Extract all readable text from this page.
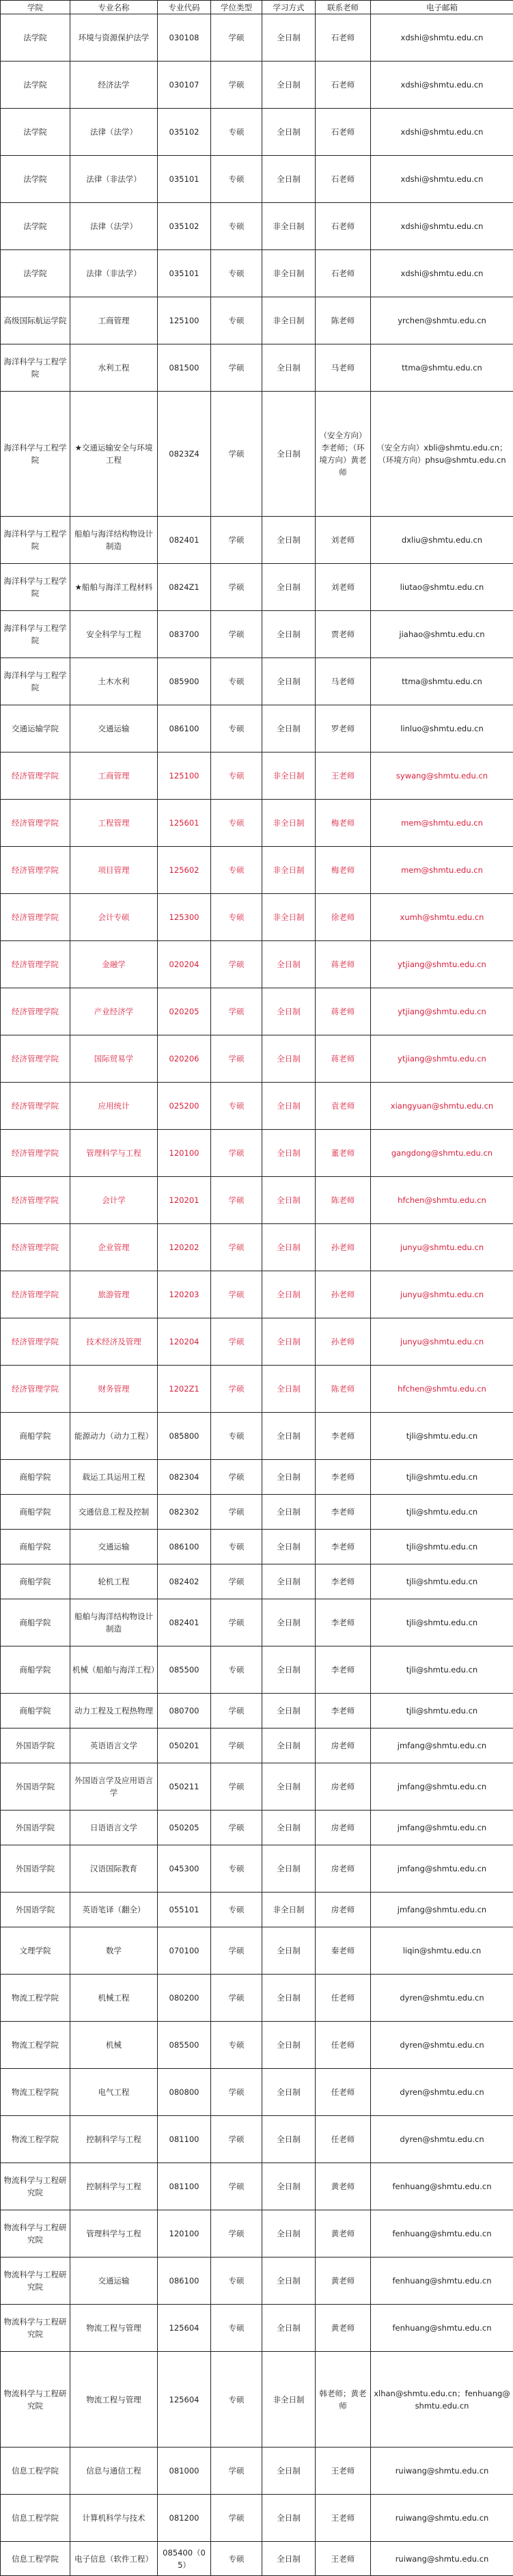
学院	专业名称	专业代码	学位类型	学习方式	联系老师	电子邮箱
法学院	环境与资源保护法学	030108	学硕	全日制	石老师	xdshi@shmtu.edu.cn
法学院	经济法学	030107	学硕	全日制	石老师	xdshi@shmtu.edu.cn
法学院	法律（法学）	035102	专硕	全日制	石老师	xdshi@shmtu.edu.cn
法学院	法律（非法学）	035101	专硕	全日制	石老师	xdshi@shmtu.edu.cn
法学院	法律（法学）	035102	专硕	非全日制	石老师	xdshi@shmtu.edu.cn
法学院	法律（非法学）	035101	专硕	非全日制	石老师	xdshi@shmtu.edu.cn
高级国际航运学院	工商管理	125100	专硕	非全日制	陈老师	yrchen@shmtu.edu.cn
海洋科学与工程学院	水利工程	081500	学硕	全日制	马老师	ttma@shmtu.edu.cn
海洋科学与工程学院	★交通运输安全与环境工程	0823Z4	学硕	全日制	（安全方向）李老师；（环境方向）黄老师	（安全方向）xbli@shmtu.edu.cn；（环境方向）phsu@shmtu.edu.cn
海洋科学与工程学院	船舶与海洋结构物设计制造	082401	学硕	全日制	刘老师	dxliu@shmtu.edu.cn
海洋科学与工程学院	★船舶与海洋工程材料	0824Z1	学硕	全日制	刘老师	liutao@shmtu.edu.cn
海洋科学与工程学院	安全科学与工程	083700	学硕	全日制	贾老师	jiahao@shmtu.edu.cn
海洋科学与工程学院	土木水利	085900	专硕	全日制	马老师	ttma@shmtu.edu.cn
交通运输学院	交通运输	086100	专硕	全日制	罗老师	linluo@shmtu.edu.cn
经济管理学院	工商管理	125100	专硕	非全日制	王老师	sywang@shmtu.edu.cn
经济管理学院	工程管理	125601	专硕	非全日制	梅老师	mem@shmtu.edu.cn
经济管理学院	项目管理	125602	专硕	非全日制	梅老师	mem@shmtu.edu.cn
经济管理学院	会计专硕	125300	专硕	非全日制	徐老师	xumh@shmtu.edu.cn
经济管理学院	金融学	020204	学硕	全日制	蒋老师	ytjiang@shmtu.edu.cn
经济管理学院	产业经济学	020205	学硕	全日制	蒋老师	ytjiang@shmtu.edu.cn
经济管理学院	国际贸易学	020206	学硕	全日制	蒋老师	ytjiang@shmtu.edu.cn
经济管理学院	应用统计	025200	专硕	全日制	袁老师	xiangyuan@shmtu.edu.cn
经济管理学院	管理科学与工程	120100	学硕	全日制	董老师	gangdong@shmtu.edu.cn
经济管理学院	会计学	120201	学硕	全日制	陈老师	hfchen@shmtu.edu.cn
经济管理学院	企业管理	120202	学硕	全日制	孙老师	junyu@shmtu.edu.cn
经济管理学院	旅游管理	120203	学硕	全日制	孙老师	junyu@shmtu.edu.cn
经济管理学院	技术经济及管理	120204	学硕	全日制	孙老师	junyu@shmtu.edu.cn
经济管理学院	财务管理	1202Z1	学硕	全日制	陈老师	hfchen@shmtu.edu.cn
商船学院	能源动力（动力工程）	085800	专硕	全日制	李老师	tjli@shmtu.edu.cn
商船学院	载运工具运用工程	082304	学硕	全日制	李老师	tjli@shmtu.edu.cn
商船学院	交通信息工程及控制	082302	学硕	全日制	李老师	tjli@shmtu.edu.cn
商船学院	交通运输	086100	专硕	全日制	李老师	tjli@shmtu.edu.cn
商船学院	轮机工程	082402	学硕	全日制	李老师	tjli@shmtu.edu.cn
商船学院	船舶与海洋结构物设计制造	082401	学硕	全日制	李老师	tjli@shmtu.edu.cn
商船学院	机械（船舶与海洋工程）	085500	专硕	全日制	李老师	tjli@shmtu.edu.cn
商船学院	动力工程及工程热物理	080700	学硕	全日制	李老师	tjli@shmtu.edu.cn
外国语学院	英语语言文学	050201	学硕	全日制	房老师	jmfang@shmtu.edu.cn
外国语学院	外国语言学及应用语言学	050211	学硕	全日制	房老师	jmfang@shmtu.edu.cn
外国语学院	日语语言文学	050205	学硕	全日制	房老师	jmfang@shmtu.edu.cn
外国语学院	汉语国际教育	045300	专硕	全日制	房老师	jmfang@shmtu.edu.cn
外国语学院	英语笔译（翻全）	055101	专硕	非全日制	房老师	jmfang@shmtu.edu.cn
文理学院	数学	070100	学硕	全日制	秦老师	liqin@shmtu.edu.cn
物流工程学院	机械工程	080200	学硕	全日制	任老师	dyren@shmtu.edu.cn
物流工程学院	机械	085500	专硕	全日制	任老师	dyren@shmtu.edu.cn
物流工程学院	电气工程	080800	学硕	全日制	任老师	dyren@shmtu.edu.cn
物流工程学院	控制科学与工程	081100	学硕	全日制	任老师	dyren@shmtu.edu.cn
物流科学与工程研究院	控制科学与工程	081100	学硕	全日制	黄老师	fenhuang@shmtu.edu.cn
物流科学与工程研究院	管理科学与工程	120100	学硕	全日制	黄老师	fenhuang@shmtu.edu.cn
物流科学与工程研究院	交通运输	086100	专硕	全日制	黄老师	fenhuang@shmtu.edu.cn
物流科学与工程研究院	物流工程与管理	125604	专硕	全日制	黄老师	fenhuang@shmtu.edu.cn
物流科学与工程研究院	物流工程与管理	125604	专硕	非全日制	韩老师；黄老师	xlhan@shmtu.edu.cn；fenhuang@shmtu.edu.cn
信息工程学院	信息与通信工程	081000	学硕	全日制	王老师	ruiwang@shmtu.edu.cn
信息工程学院	计算机科学与技术	081200	学硕	全日制	王老师	ruiwang@shmtu.edu.cn
信息工程学院	电子信息（软件工程）	085400（05）	专硕	全日制	王老师	ruiwang@shmtu.edu.cn
